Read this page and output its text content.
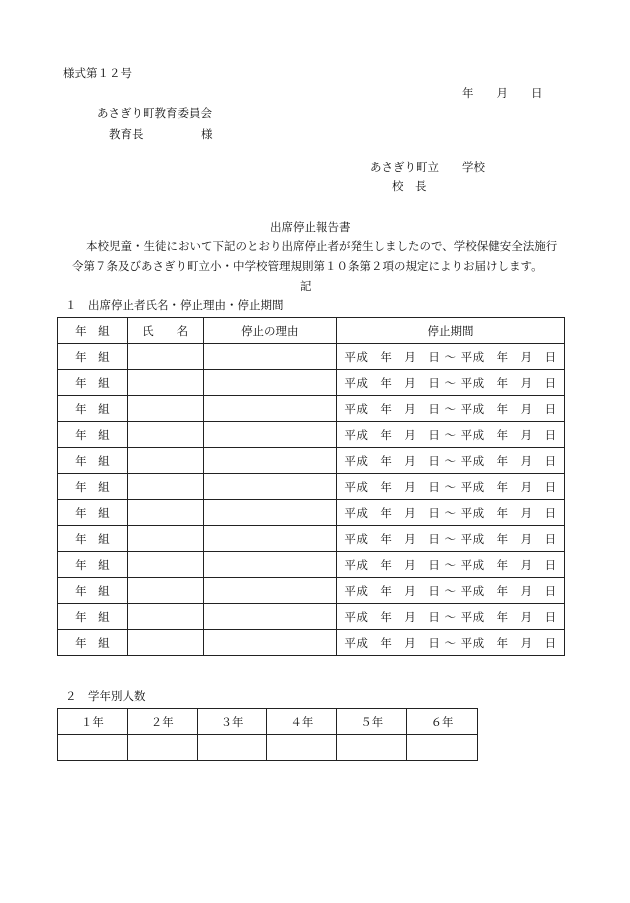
様式第１２号
年　　月　　日
あさぎり町教育委員会
教育長　　　　　様
あさぎり町立　　学校
校　長
出席停止報告書
本校児童・生徒において下記のとおり出席停止者が発生しましたので、学校保健安全法施行
令第７条及びあさぎり町立小・中学校管理規則第１０条第２項の規定によりお届けします。
記
１　出席停止者氏名・停止理由・停止期間
年　組	氏　　名	停止の理由	停止期間
年　組			平成　年　月　日 ～ 平成　年　月　日
年　組			平成　年　月　日 ～ 平成　年　月　日
年　組			平成　年　月　日 ～ 平成　年　月　日
年　組			平成　年　月　日 ～ 平成　年　月　日
年　組			平成　年　月　日 ～ 平成　年　月　日
年　組			平成　年　月　日 ～ 平成　年　月　日
年　組			平成　年　月　日 ～ 平成　年　月　日
年　組			平成　年　月　日 ～ 平成　年　月　日
年　組			平成　年　月　日 ～ 平成　年　月　日
年　組			平成　年　月　日 ～ 平成　年　月　日
年　組			平成　年　月　日 ～ 平成　年　月　日
年　組			平成　年　月　日 ～ 平成　年　月　日
２　学年別人数
１年	２年	３年	４年	５年	６年
